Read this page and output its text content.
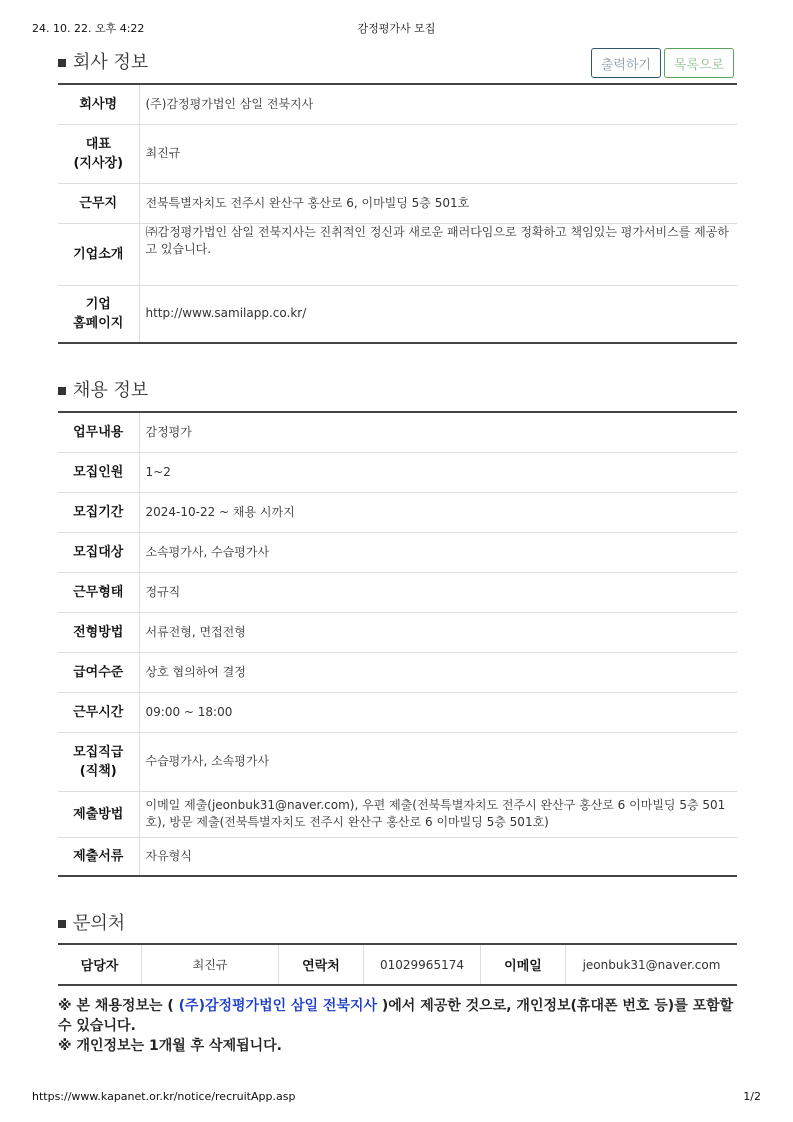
24. 10. 22. 오후 4:22	감정평가사 모집
회사 정보	출력하기	목록으로
회사명	(주)감정평가법인 삼일 전북지사
대표
(지사장)	최진규
근무지	전북특별자치도 전주시 완산구 홍산로 6, 이마빌딩 5층 501호
기업소개	㈜감정평가법인 삼일 전북지사는 진취적인 정신과 새로운 패러다임으로 정확하고 책임있는 평가서비스를 제공하고 있습니다.
기업
홈페이지	http://www.samilapp.co.kr/
채용 정보
업무내용	감정평가
모집인원	1~2
모집기간	2024-10-22 ~ 채용 시까지
모집대상	소속평가사, 수습평가사
근무형태	정규직
전형방법	서류전형, 면접전형
급여수준	상호 협의하여 결정
근무시간	09:00 ~ 18:00
모집직급
(직책)	수습평가사, 소속평가사
제출방법	이메일 제출(jeonbuk31@naver.com), 우편 제출(전북특별자치도 전주시 완산구 홍산로 6 이마빌딩 5층 501호), 방문 제출(전북특별자치도 전주시 완산구 홍산로 6 이마빌딩 5층 501호)
제출서류	자유형식
문의처
담당자	최진규	연락처	01029965174	이메일	jeonbuk31@naver.com
※ 본 채용정보는 ( (주)감정평가법인 삼일 전북지사 )에서 제공한 것으로, 개인정보(휴대폰 번호 등)를 포함할 수 있습니다.
※ 개인정보는 1개월 후 삭제됩니다.
https://www.kapanet.or.kr/notice/recruitApp.asp	1/2
